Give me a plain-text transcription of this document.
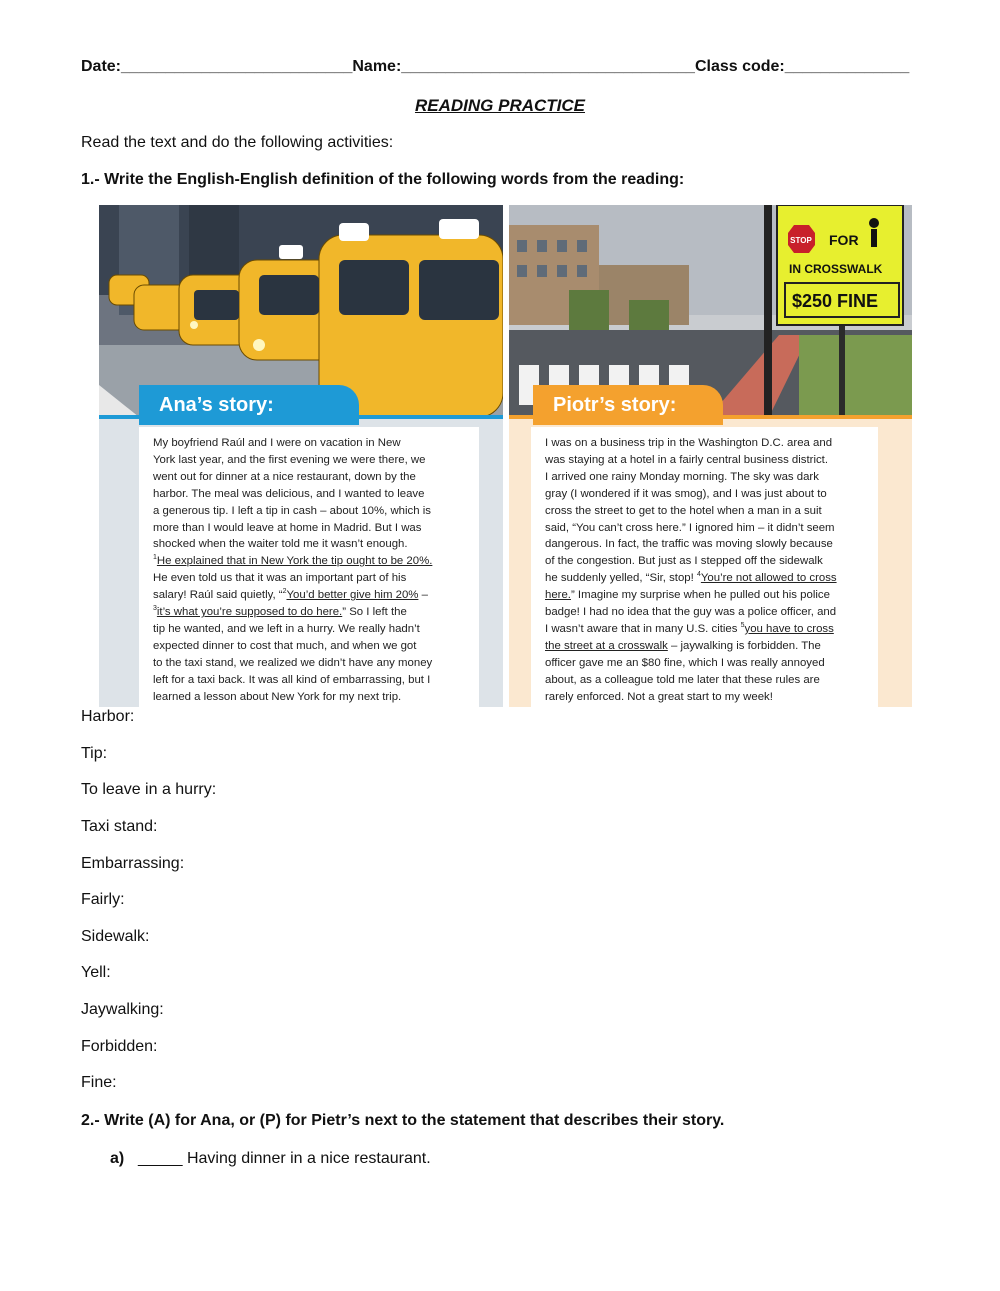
Date:__________________________Name:_________________________________Class code:______________
READING PRACTICE
Read the text and do the following activities:
1.- Write the English-English definition of the following words from the reading:
Ana’s story:
My boyfriend Raúl and I were on vacation in New
York last year, and the first evening we were there, we
went out for dinner at a nice restaurant, down by the
harbor. The meal was delicious, and I wanted to leave
a generous tip. I left a tip in cash – about 10%, which is
more than I would leave at home in Madrid. But I was
shocked when the waiter told me it wasn’t enough.
$^1$He explained that in New York the tip ought to be 20%.
He even told us that it was an important part of his
salary! Raúl said quietly, “$^2$You’d better give him 20% –
$^3$it’s what you’re supposed to do here.” So I left the
tip he wanted, and we left in a hurry. We really hadn’t
expected dinner to cost that much, and when we got
to the taxi stand, we realized we didn’t have any money
left for a taxi back. It was all kind of embarrassing, but I
learned a lesson about New York for my next trip.
STOP FOR
IN CROSSWALK
$250 FINE
Piotr’s story:
I was on a business trip in the Washington D.C. area and
was staying at a hotel in a fairly central business district.
I arrived one rainy Monday morning. The sky was dark
gray (I wondered if it was smog), and I was just about to
cross the street to get to the hotel when a man in a suit
said, “You can’t cross here.” I ignored him – it didn’t seem
dangerous. In fact, the traffic was moving slowly because
of the congestion. But just as I stepped off the sidewalk
he suddenly yelled, “Sir, stop! $^4$You’re not allowed to cross
here.” Imagine my surprise when he pulled out his police
badge! I had no idea that the guy was a police officer, and
I wasn’t aware that in many U.S. cities $^5$you have to cross
the street at a crosswalk – jaywalking is forbidden. The
officer gave me an $80 fine, which I was really annoyed
about, as a colleague told me later that these rules are
rarely enforced. Not a great start to my week!
Harbor:
Tip:
To leave in a hurry:
Taxi stand:
Embarrassing:
Fairly:
Sidewalk:
Yell:
Jaywalking:
Forbidden:
Fine:
2.- Write (A) for Ana, or (P) for Pietr’s next to the statement that describes their story.
a) _____ Having dinner in a nice restaurant.
